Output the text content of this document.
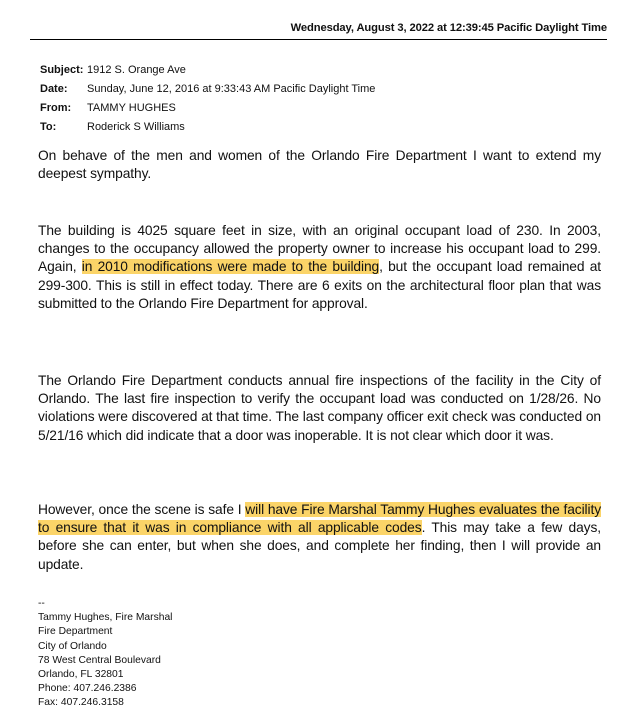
Wednesday, August 3, 2022 at 12:39:45 Pacific Daylight Time
Subject: 1912 S. Orange Ave
Date:	Sunday, June 12, 2016 at 9:33:43 AM Pacific Daylight Time
From:	TAMMY HUGHES
To:	Roderick S Williams

On behave of the men and women of the Orlando Fire Department I want to extend my deepest sympathy.

The building is 4025 square feet in size, with an original occupant load of 230. In 2003, changes to the occupancy allowed the property owner to increase his occupant load to 299. Again, in 2010 modifications were made to the building, but the occupant load remained at 299-300. This is still in effect today. There are 6 exits on the architectural floor plan that was submitted to the Orlando Fire Department for approval.

The Orlando Fire Department conducts annual fire inspections of the facility in the City of Orlando. The last fire inspection to verify the occupant load was conducted on 1/28/26. No violations were discovered at that time. The last company officer exit check was conducted on 5/21/16 which did indicate that a door was inoperable. It is not clear which door it was.

However, once the scene is safe I will have Fire Marshal Tammy Hughes evaluates the facility to ensure that it was in compliance with all applicable codes. This may take a few days, before she can enter, but when she does, and complete her finding, then I will provide an update.

--
Tammy Hughes, Fire Marshal
Fire Department
City of Orlando
78 West Central Boulevard
Orlando, FL 32801
Phone: 407.246.2386
Fax: 407.246.3158
